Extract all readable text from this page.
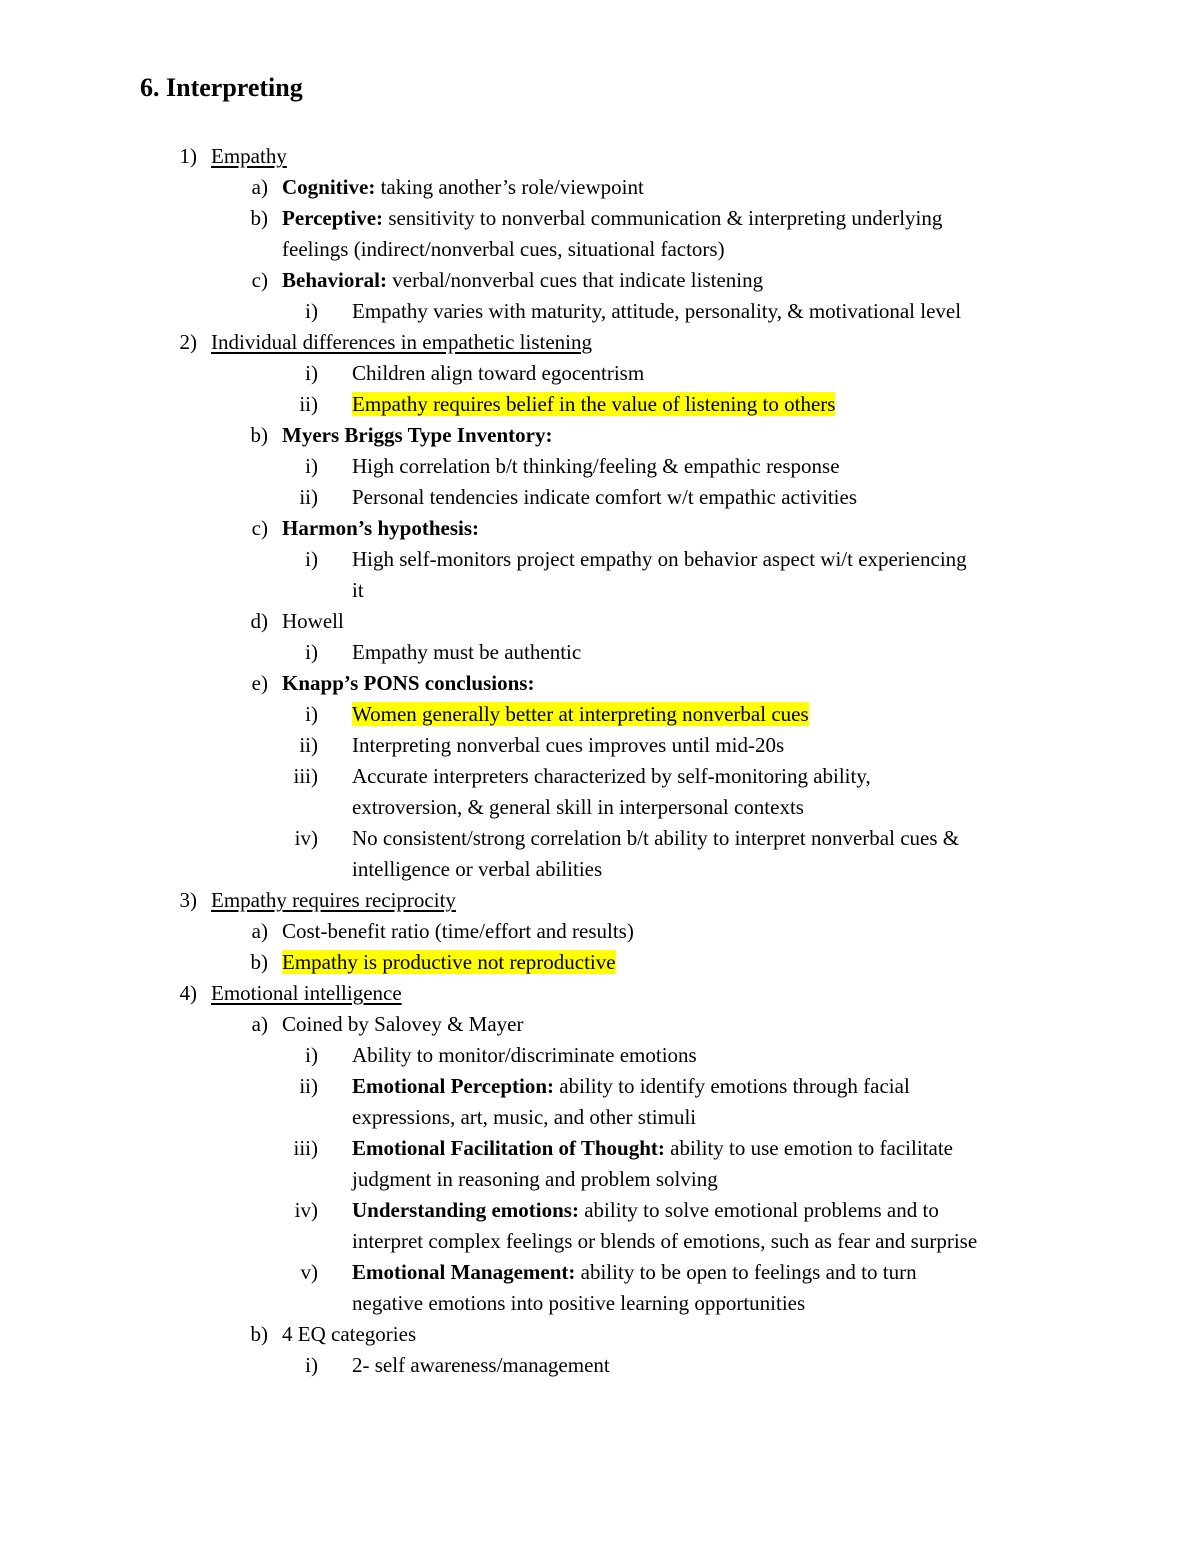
6. Interpreting
1) Empathy
a) Cognitive: taking another’s role/viewpoint
b) Perceptive: sensitivity to nonverbal communication & interpreting underlying
feelings (indirect/nonverbal cues, situational factors)
c) Behavioral: verbal/nonverbal cues that indicate listening
i) Empathy varies with maturity, attitude, personality, & motivational level
2) Individual differences in empathetic listening
i) Children align toward egocentrism
ii) Empathy requires belief in the value of listening to others
b) Myers Briggs Type Inventory:
i) High correlation b/t thinking/feeling & empathic response
ii) Personal tendencies indicate comfort w/t empathic activities
c) Harmon’s hypothesis:
i) High self-monitors project empathy on behavior aspect wi/t experiencing
it
d) Howell
i) Empathy must be authentic
e) Knapp’s PONS conclusions:
i) Women generally better at interpreting nonverbal cues
ii) Interpreting nonverbal cues improves until mid-20s
iii) Accurate interpreters characterized by self-monitoring ability,
extroversion, & general skill in interpersonal contexts
iv) No consistent/strong correlation b/t ability to interpret nonverbal cues &
intelligence or verbal abilities
3) Empathy requires reciprocity
a) Cost-benefit ratio (time/effort and results)
b) Empathy is productive not reproductive
4) Emotional intelligence
a) Coined by Salovey & Mayer
i) Ability to monitor/discriminate emotions
ii) Emotional Perception: ability to identify emotions through facial
expressions, art, music, and other stimuli
iii) Emotional Facilitation of Thought: ability to use emotion to facilitate
judgment in reasoning and problem solving
iv) Understanding emotions: ability to solve emotional problems and to
interpret complex feelings or blends of emotions, such as fear and surprise
v) Emotional Management: ability to be open to feelings and to turn
negative emotions into positive learning opportunities
b) 4 EQ categories
i) 2- self awareness/management
